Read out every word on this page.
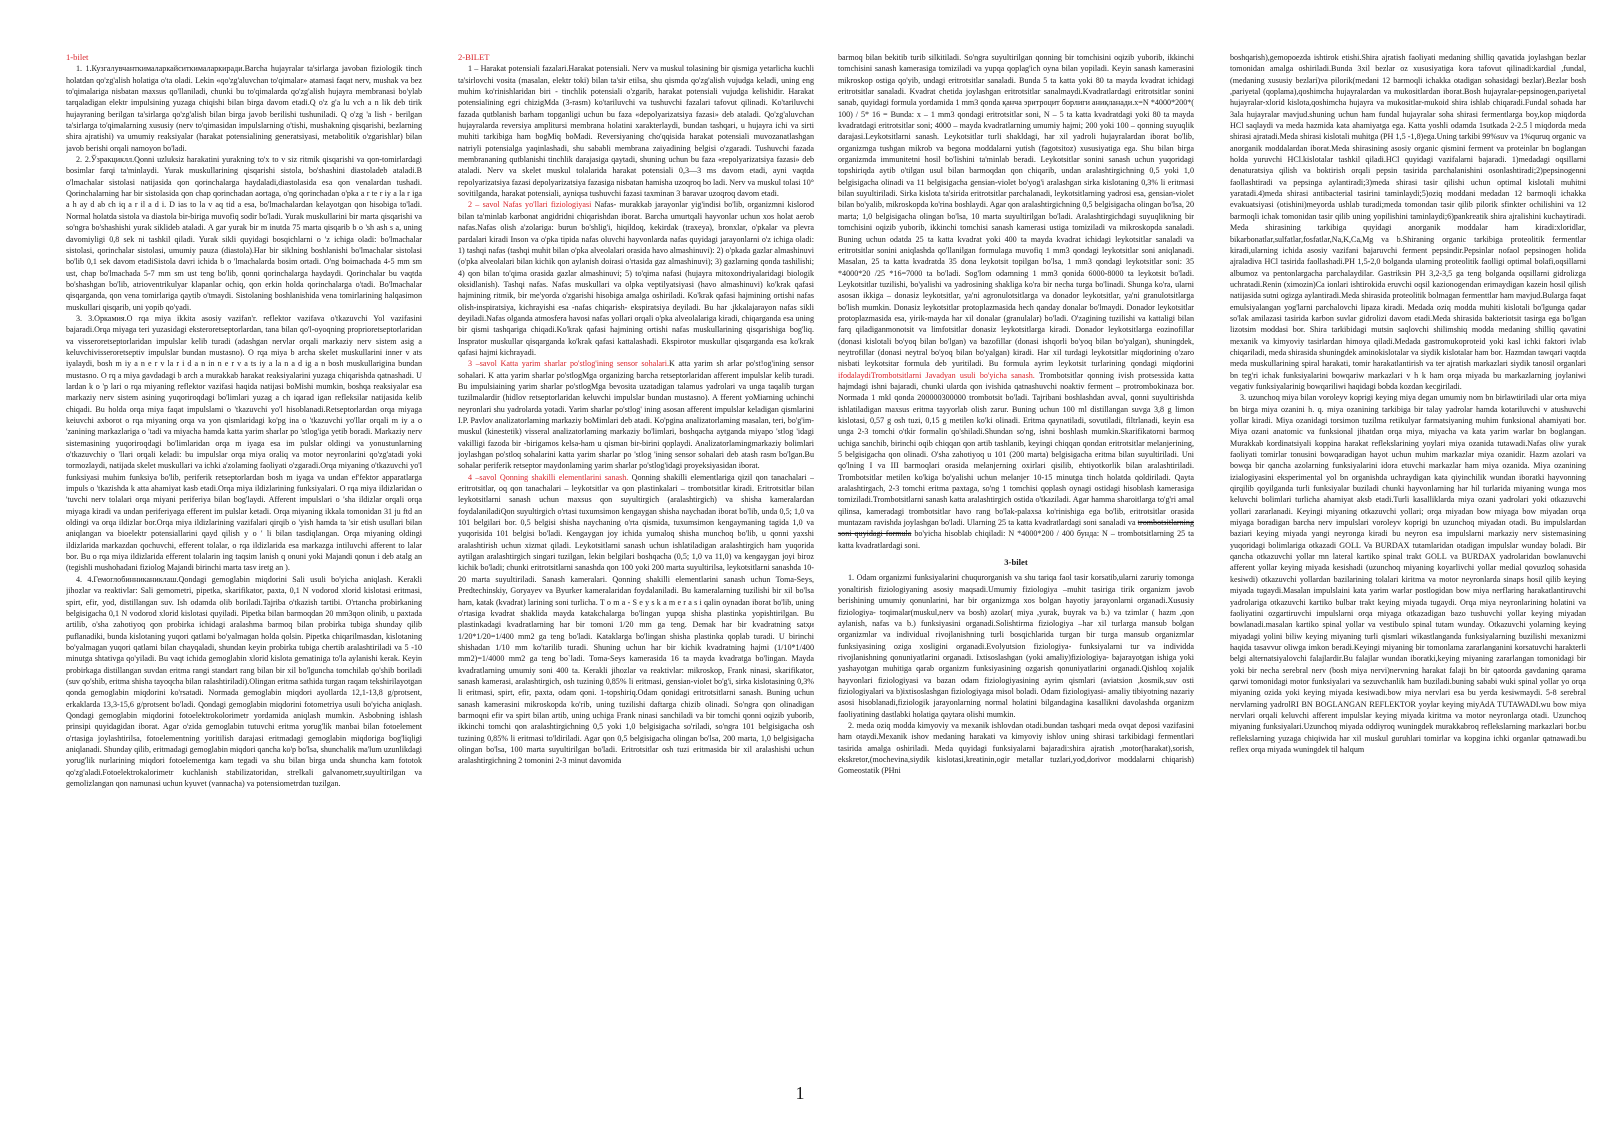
1-bilet

1. 1.Кузгалувчанткималаркайситкималаркиради.Barcha hujayralar ta'sirlarga javoban fiziologik tinch holatdan qo'zg'alish holatiga o'ta oladi. Lekin «qo'zg'aluvchan to'qimalar» atamasi faqat nerv, mushak va bez to'qimalariga nisbatan maxsus qo'llaniladi, chunki bu to'qimalarda qo'zg'alish hujayra membranasi bo'ylab tarqaladigan elektr impulsining yuzaga chiqishi bilan birga davom etadi.Q o'z g'a lu vch a n lik deb tirik hujayraning berilgan ta'sirlarga qo'zg'alish bilan birga javob berilishi tushuniladi. Q o'zg 'a lish - berilgan ta'sirlarga to'qimalarning xususiy (nerv to'qimasidan impulslarning o'tishi, mushakning qisqarishi, bezlarning shira ajratishi) va umumiy reaksiyalar (harakat potensialining generatsiyasi, metabolitik o'zgarishlar) bilan javob berishi orqali namoyon bo'ladi.

2. 2.Ўзракциклл.Qonni uzluksiz harakatini yurakning to'x to v siz ritmik qisqarishi va qon-tomirlardagi bosimlar farqi ta'minlaydi. Yurak muskullarining qisqarishi sistola, bo'shashini diastoladeb ataladi.B o'lmachalar sistolasi natijasida qon qorinchalarga haydaladi,diastolasida esa qon venalardan tushadi. Qorinchalarning har bir sistolasida qon chap qorinchadan aortaga, o'ng qorinchadan o'pka a r te r iy a la r iga a h ay d ab ch iq a r il a d i. D ias to la v aq tid a esa, bo'lmachalardan kelayotgan qon hisobiga to'ladi. Normal holatda sistola va diastola bir-biriga muvofiq sodir bo'ladi. Yurak muskullarini bir marta qisqarishi va so'ngra bo'shashishi yurak siklideb ataladi. A gar yurak bir m inutda 75 marta qisqarib b o 'sh ash s a, uning davomiyligi 0,8 sek ni tashkil qiladi. Yurak sikli quyidagi bosqichlarni o 'z ichiga oladi: bo'lmachalar sistolasi, qorinchalar sistolasi, umumiy pauza (diastola).Har bir siklning boshlanishi bo'lmachalar sistolasi bo'lib 0,1 sek davom etadiSistola davri ichida b o 'lmachalarda bosim ortadi. O'ng boimachada 4-5 mm sm ust, chap bo'lmachada 5-7 mm sm ust teng bo'lib, qonni qorinchalarga haydaydi. Qorinchalar bu vaqtda bo'shashgan bo'lib, atrioventrikulyar klapanlar ochiq, qon erkin holda qorinchalarga o'tadi. Bo'lmachalar qisqarganda, qon vena tomirlariga qaytib o'tmaydi. Sistolaning boshlanishida vena tomirlarining halqasimon muskullari qisqarib, uni yopib qo'yadi.

3. 3.Оркамия.O rqa miya ikkita asosiy vazifan'r. reflektor vazifava o'tkazuvchi Yol vazifasini bajaradi.Orqa miyaga teri yuzasidagi eksteroretseptorlardan, tana bilan qo'l-oyoqning proprioretseptorlaridan va visseroretseptorlaridan impulslar kelib turadi (adashgan nervlar orqali markaziy nerv sistem asig a keluvchivisseroretseptiv impulslar bundan mustasno). O rqa miya b archa skelet muskullarini inner v ats iyalaydi, bosh m iy a n e r v la r i d a n in n e r v a ts iy a la n a d ig a n bosh muskullarigina bundan mustasno. O rq a miya gavdadagi b arch a murakkab harakat reaksiyalarini yuzaga chiqarishda qatnashadi. U lardan k o 'p lari o rqa miyaning reflektor vazifasi haqida natijasi boMishi mumkin, boshqa reaksiyalar esa markaziy nerv sistem asining yuqoriroqdagi bo'limlari yuzag a ch iqarad igan refleksilar natijasida kelib chiqadi. Bu holda orqa miya faqat impulslami o 'tkazuvchi yo'l hisoblanadi.Retseptorlardan orqa miyaga keiuvchi axborot o rqa miyaning orqa va yon qismlaridagi ko'pg ina o 'tkazuvchi yo'llar orqali m iy a o 'zanining markazlariga o 'tadi va miyacha hamda katta yarim sharlar po 'stlog'iga yetib boradi. Markaziy nerv sistemasining yuqoriroqdagi bo'limlaridan orqa m iyaga esa im pulslar oldingi va yonustunlarning o'tkazuvchiy o 'llari orqali keladi: bu impulslar orqa miya oraliq va motor neyronlarini qo'zg'atadi yoki tormozlaydi, natijada skelet muskullari va ichki a'zolaming faoliyati o'zgaradi.Orqa miyaning o'tkazuvchi yo'l funksiyasi muhim funksiya bo'lib, periferik retseptorlardan bosh m iyaga va undan ef'fektor apparatlarga impuls o 'tkazishda k atta ahamiyat kasb etadi.Orqa miya ildizlarining funksiyalari. O rqa miya ildizlaridan o 'tuvchi nerv tolalari orqa miyani periferiya bilan bog'laydi. Afferent impulslari o 'sha ildizlar orqali orqa miyaga kiradi va undan periferiyaga efferent im pulslar ketadi. Orqa miyaning ikkala tomonidan 31 ju ftd an oldingi va orqa ildizlar bor.Orqa miya ildizlarining vazifalari qirqib o 'yish hamda ta 'sir etish usullari bilan aniqlangan va bioelektr potensiallarini qayd qilish y o ' li bilan tasdiqlangan. Orqa miyaning oldingi ildizlarida markazdan qochuvchi, efferent tolalar, o rqa ildizlarida esa markazga intiluvchi afferent to lalar bor. Bu o rqa miya ildizlarida efferent tolalarin ing taqsim lanish q onuni yoki Majandi qonun i deb atalg an (tegishli mushohadani fiziolog Majandi birinchi marta tasv iretg an ).

4. 4.Гемоглобинниканиклаш.Qondagi gemoglabin miqdorini Sali usuli bo'yicha aniqlash. Kerakli jihozlar va reaktivlar: Sali gemometri, pipetka, skarifikator, paxta, 0,1 N vodorod xlorid kislotasi eritmasi, spirt, efir, yod, distillangan suv. Ish odamda olib boriladi.Tajriba o'tkazish tartibi. O'rtancha probirkaning belgisigacha 0,1 N vodorod xlorid kislotasi quyiladi. Pipetka bilan barmoqdan 20 mm3qon olinib, u paxtada artilib, o'sha zahotiyoq qon probirka ichidagi aralashma barmoq bilan probirka tubiga shunday qilib puflanadiki, bunda kislotaning yuqori qatlami bo'yalmagan holda qolsin. Pipetka chiqarilmasdan, kislotaning bo'yalmagan yuqori qatlami bilan chayqaladi, shundan keyin probirka tubiga chertib aralashtiriladi va 5 -10 minutga shtativga qo'yiladi. Bu vaqt ichida gemoglabin xlorid kislota gematiniga to'la aylanishi kerak. Keyin probirkaga distillangan suvdan eritma rangi standart rang bilan bir xil bo'lguncha tomchilab qo'shib boriladi (suv qo'shib, eritma shisha tayoqcha bilan ralashtiriladi).Olingan eritma sathida turgan raqam tekshirilayotgan qonda gemoglabin miqdorini ko'rsatadi. Normada gemoglabin miqdori ayollarda 12,1-13,8 g/protsent, erkaklarda 13,3-15,6 g/protsent bo'ladi. Qondagi gemoglabin miqdorini fotometriya usuli bo'yicha aniqlash. Qondagi gemoglabin miqdorini fotoelektrokolorimetr yordamida aniqlash mumkin. Asbobning ishlash prinsipi quyidagidan iborat. Agar o'zida gemoglabin tutuvchi eritma yorug'lik manbai bilan fotoelement o'rtasiga joylashtirilsa, fotoelementning yoritilish darajasi eritmadagi gemoglabin miqdoriga bog'liqligi aniqlanadi. Shunday qilib, eritmadagi gemoglabin miqdori qancha ko'p bo'lsa, shunchalik ma'lum uzunlikdagi yorug'lik nurlarining miqdori fotoelementga kam tegadi va shu bilan birga unda shuncha kam fototok qo'zg'aladi.Fotoelektrokalorimetr kuchlanish stabilizatoridan, strelkali galvanometr,suyultirilgan va gemolizlangan qon namunasi uchun kyuvet (vannacha) va potensiometrdan tuzilgan.

2-BILET

1 – Harakat potensiali fazalari.Harakat potensiali. Nerv va muskul tolasining bir qismiga yetarlicha kuchli ta'sirlovchi vosita (masalan, elektr toki) bilan ta'sir etilsa, shu qismda qo'zg'alish vujudga keladi, uning eng muhim ko'rinishlaridan biri - tinchlik potensiali o'zgarib, harakat potensiali vujudga kelishidir. Harakat potensialining egri chizigMda (3-rasm) ko'tariluvchi va tushuvchi fazalari tafovut qilinadi. Ko'tariluvchi fazada qutblanish barham topganligi uchun bu faza «depolyarizatsiya fazasi» deb ataladi. Qo'zg'aluvchan hujayralarda reversiya amplitursi membrana holatini xarakterlaydi, bundan tashqari, u hujayra ichi va sirti muhiti tarkibiga ham bogMiq boMadi. Reversiyaning cho'qqisida harakat potensiali muvozanatlashgan natriyli potensialga yaqinlashadi, shu sababli membrana zaiyadining belgisi o'zgaradi. Tushuvchi fazada membrananing qutblanishi tinchlik darajasiga qaytadi, shuning uchun bu faza «repolyarizatsiya fazasi» deb ataladi. Nerv va skelet muskul tolalarida harakat potensiali 0,3—3 ms davom etadi, ayni vaqtda repolyarizatsiya fazasi depolyarizatsiya fazasiga nisbatan hamisha uzoqroq bo ladi. Nerv va muskul tolasi 10° sovitilganda, harakat potensiali, ayniqsa tushuvchi fazasi taxminan 3 baravar uzoqroq davom etadi.

2 – savol Nafas yo'llari fiziologiyasi Nafas- murakkab jarayonlar yig'indisi bo'lib, organizmni kislorod bilan ta'minlab karbonat angidridni chiqarishdan iborat. Barcha umurtqali hayvonlar uchun xos holat aerob nafas.Nafas olish a'zolariga: burun bo'shlig'i, hiqildoq, kekirdak (traxeya), bronxlar, o'pkalar va plevra pardalari kiradi Inson va o'pka tipida nafas oluvchi hayvonlarda nafas quyidagi jarayonlarni o'z ichiga oladi: 1) tashqi nafas (tashqi muhit bilan o'pka alveolalari orasida havo almashinuvi): 2) o'pkada gazlar almashinuvi (o'pka alveolalari bilan kichik qon aylanish doirasi o'rtasida gaz almashinuvi); 3) gazlarning qonda tashilishi; 4) qon bilan to'qima orasida gazlar almashinuvi; 5) to'qima nafasi (hujayra mitoxondriyalaridagi biologik oksidlanish). Tashqi nafas. Nafas muskullari va olpka veptilyatsiyasi (havo almashinuvi) ko'krak qafasi hajmining ritmik, bir me'yorda o'zgarishi hisobiga amalga oshiriladi. Ko'krak qafasi hajmining ortishi nafas olish-inspiratsiya, kichrayishi esa -nafas chiqarish- ekspiratsiya deyiladi. Bu har .jkkalajarayon nafas sikli deyiladi.Nafas olganda atmosfera havosi nafas yollari orqali o'pka alveolalariga kiradi, chiqarganda esa uning bir qismi tashqariga chiqadi.Ko'krak qafasi hajmining ortishi nafas muskullarining qisqarishiga bog'liq. Insprator muskullar qisqarganda ko'krak qafasi kattalashadi. Ekspirotor muskullar qisqarganda esa ko'krak qafasi hajmi kichrayadi.

3 –savol Katta yarim sharlar po'stlog'ining sensor sohalari.K atta yarim sh arlar po'st!og'ining sensor sohalari. K atta yarim sharlar po'stlogMga organizing barcha retseptorlaridan afferent impulslar kelib turadi. Bu impulsiaining yarim sharlar po'stlogMga bevosita uzatadigan talamus yadrolari va unga taqalib turgan tuzilmalardir (hidlov retseptorlaridan keluvchi impulslar bundan mustasno). A fferent yoMiarning uchinchi neyronlari shu yadrolarda yotadi. Yarim sharlar po'stlog' ining asosan afferent impulslar keladigan qismlarini I.P. Pavlov analizatorlaming markaziy boMimlari deb atadi. Ko'pgina analizatorlaming masalan, teri, bo'g'im-muskul (kinestetik) visseral analizatorlaming markaziy bo'limlari, boshqacha aytganda miyapo 'stlog 'idagi vakilligi fazoda bir -birigamos kelsa-ham u qisman bir-birini qoplaydi. Analizatorlamingmarkaziy bolimlari joylashgan po'stloq sohalarini katta yarim sharlar po 'stlog 'ining sensor sohalari deb atash rasm bo'lgan.Bu sohalar periferik retseptor maydonlaming yarim sharlar po'stlog'idagi proyeksiyasidan iborat.

4 –savol Qonning shakilli elementlarini sanash. Qonning shakilli elementlariga qizil qon tanachalari – eritrotsitlar, oq qon tanachalari – leykotsitlar va qon plastinkalari – trombotsitlar kiradi. Eritrotsitlar bilan leykotsitlarni sanash uchun maxsus qon suyultirgich (aralashtirgich) va shisha kameralardan foydalaniladiQon suyultirgich o'rtasi tuxumsimon kengaygan shisha naychadan iborat bo'lib, unda 0,5; 1,0 va 101 belgilari bor. 0,5 belgisi shisha naychaning o'rta qismida, tuxumsimon kengaymaning tagida 1,0 va yuqorisida 101 belgisi bo'ladi. Kengaygan joy ichida yumaloq shisha munchoq bo'lib, u qonni yaxshi aralashtirish uchun xizmat qiladi. Leykotsitlarni sanash uchun ishlatiladigan aralashtirgich ham yuqorida aytilgan aralashtirgich singari tuzilgan, lekin belgilari boshqacha (0,5; 1,0 va 11,0) va kengaygan joyi biroz kichik bo'ladi; chunki eritrotsitlarni sanashda qon 100 yoki 200 marta suyultirilsa, leykotsitlarni sanashda 10-20 marta suyultiriladi. Sanash kameralari. Qonning shakilli elementlarini sanash uchun Toma-Seys, Predtechinskiy, Goryayev va Byurker kameralaridan foydalaniladi. Bu kameralarning tuzilishi bir xil bo'lsa ham, katak (kvadrat) larining soni turlicha. T o m a - S e y s k a m e r a s i qalin oynadan iborat bo'lib, uning o'rtasiga kvadrat shaklida mayda katakchalarga bo'lingan yupqa shisha plastinka yopishtirilgan. Bu plastinkadagi kvadratlarning har bir tomoni 1/20 mm ga teng. Demak har bir kvadratning satҳи 1/20*1/20=1/400 mm2 ga teng bo'ladi. Kataklarga bo'lingan shisha plastinka qoplab turadi. U birinchi shishadan 1/10 mm ko'tarilib turadi. Shuning uchun har bir kichik kvadratning hajmi (1/10*1/400 mm2)=1/4000 mm2 ga teng bo`ladi. Toma-Seys kamerasida 16 ta mayda kvadratga bo'lingan. Mayda kvadratlarning umumiy soni 400 ta. Kerakli jihozlar va reaktivlar: mikroskop, Frank ninasi, skarifikator, sanash kamerasi, aralashtirgich, osh tuzining 0,85% li eritmasi, gensian-violet bo'g'i, sirka kislotasining 0,3% li eritmasi, spirt, efir, paxta, odam qoni. 1-topshiriq.Odam qonidagi eritrotsitlarni sanash. Buning uchun sanash kamerasini mikroskopda ko'rib, uning tuzilishi daftarga chizib olinadi. So'ngra qon olinadigan barmoqni efir va spirt bilan artib, uning uchiga Frank ninasi sanchiladi va bir tomchi qonni oqizib yuborib, ikkinchi tomchi qon aralashtirgichning 0,5 yoki 1,0 belgisigacha so'riladi, so'ngra 101 belgisigacha osh tuzining 0,85% li eritmasi to'ldiriladi. Agar qon 0,5 belgisigacha olingan bo'lsa, 200 marta, 1,0 belgisigacha olingan bo'lsa, 100 marta suyultirilgan bo'ladi. Eritrotsitlar osh tuzi eritmasida bir xil aralashishi uchun aralashtirgichning 2 tomonini 2-3 minut davomida

barmoq bilan bekitib turib silkitiladi. So'ngra suyultirilgan qonning bir tomchisini oqizib yuborib, ikkinchi tomchisini sanash kamerasiga tomiziladi va yupqa qoplag'ich oyna bilan yopiladi. Keyin sanash kamerasini mikroskop ostiga qo'yib, undagi eritrotsitlar sanaladi. Bunda 5 ta katta yoki 80 ta mayda kvadrat ichidagi eritrotsitlar sanaladi. Kvadrat chetida joylashgan eritrotsitlar sanalmaydi.Kvadratlardagi eritrotsitlar sonini sanab, quyidagi formula yordamida 1 mm3 qonda қанча эритроцит борлиги аниқланади.x=N *4000*200*( 100) / 5* 16 = Bunda: x – 1 mm3 qondagi eritrotsitlar soni, N – 5 ta katta kvadratdagi yoki 80 ta mayda kvadratdagi eritrotsitlar soni; 4000 – mayda kvadratlarning umumiy hajmi; 200 yoki 100 – qonning suyuqlik darajasi.Leykotsitlarni sanash. Leykotsitlar turli shakldagi, har xil yadroli hujayralardan iborat bo'lib, organizmga tushgan mikrob va begona moddalarni yutish (fagotsitoz) xususiyatiga ega. Shu bilan birga organizmda immunitetni hosil bo'lishini ta'minlab beradi. Leykotsitlar sonini sanash uchun yuqoridagi topshiriqda aytib o'tilgan usul bilan barmoqdan qon chiqarib, undan aralashtirgichning 0,5 yoki 1,0 belgisigacha olinadi va 11 belgisigacha gensian-violet bo'yog'i aralashgan sirka kislotaning 0,3% li eritmasi bilan suyultiriladi. Sirka kislota ta'sirida eritrotsitlar parchalanadi, leykotsitlarning yadrosi esa, gensian-violet bilan bo'yalib, mikroskopda ko'rina boshlaydi. Agar qon aralashtirgichning 0,5 belgisigacha olingan bo'lsa, 20 marta; 1,0 belgisigacha olingan bo'lsa, 10 marta suyultirilgan bo'ladi. Aralashtirgichdagi suyuqlikning bir tomchisini oqizib yuborib, ikkinchi tomchisi sanash kamerasi ustiga tomiziladi va mikroskopda sanaladi. Buning uchun odatda 25 ta katta kvadrat yoki 400 ta mayda kvadrat ichidagi leykotsitlar sanaladi va eritrotsitlar sonini aniqlashda qo'llanilgan formulaga muvofiq 1 mm3 qondagi leykotsitlar soni aniqlanadi. Masalan, 25 ta katta kvadratda 35 dona leykotsit topilgan bo'lsa, 1 mm3 qondagi leykotsitlar soni: 35 *4000*20 /25 *16=7000 ta bo'ladi. Sog'lom odamning 1 mm3 qonida 6000-8000 ta leykotsit bo'ladi. Leykotsitlar tuzilishi, bo'yalishi va yadrosining shakliga ko'ra bir necha turga bo'linadi. Shunga ko'ra, ularni asosan ikkiga – donasiz leykotsitlar, ya'ni agronulotsitlarga va donador leykotsitlar, ya'ni granulotsitlarga bo'lish mumkin. Donasiz leykotsitlar protoplazmasida hech qanday donalar bo'lmaydi. Donador leykotsitlar protoplazmasida esa, yirik-mayda har xil donalar (granulalar) bo'ladi. O'zagining tuzilishi va kattaligi bilan farq qiladiganmonotsit va limfotsitlar donasiz leykotsitlarga kiradi. Donador leykotsitlarga eozinofillar (donasi kislotali bo'yoq bilan bo'lgan) va bazofillar (donasi ishqorli bo'yoq bilan bo'yalgan), shuningdek, neytrofillar (donasi neytral bo'yoq bilan bo'yalgan) kiradi. Har xil turdagi leykotsitlar miqdorining o'zaro nisbati leykotsitar formula deb yuritiladi. Bu formula ayrim leykotsit turlarining qondagi miqdorini ifodalaydiTrombotsitlarni Javadyan usuli bo'yicha sanash. Trombotsitlar qonning ivish protsessida katta hajmdagi ishni bajaradi, chunki ularda qon ivishida qatnashuvchi noaktiv ferment – protrombokinaza bor. Normada 1 mkl qonda 200000300000 trombotsit bo'ladi. Tajribani boshlashdan avval, qonni suyultirishda ishlatiladigan maxsus eritma tayyorlab olish zarur. Buning uchun 100 ml distillangan suvga 3,8 g limon kislotasi, 0,57 g osh tuzi, 0,15 g metilen ko'ki olinadi. Eritma qaynatiladi, sovutiladi, filtrlanadi, keyin esa unga 2-3 tomchi o'tkir formalin qo'shiladi.Shundan so'ng, ishni boshlash mumkin.Skarifikatorni barmoq uchiga sanchib, birinchi oqib chiqqan qon artib tashlanib, keyingi chiqqan qondan eritrotsitlar melanjerining, 5 belgisigacha qon olinadi. O'sha zahotiyoq u 101 (200 marta) belgisigacha eritma bilan suyultiriladi. Uni qo'lning I va III barmoqlari orasida melanjerning oxirlari qisilib, ehtiyotkorlik bilan aralashtiriladi. Trombotsitlar metilen ko'kiga bo'yalishi uchun melanjer 10-15 minutga tinch holatda qoldiriladi. Qayta aralashtirgach, 2-3 tomchi eritma paxtaga, so'ng 1 tomchisi qoplash oynagi ostidagi hisoblash kamerasiga tomiziladi.Trombotsitlarni sanash katta aralashtirgich ostida o'tkaziladi. Agar hamma sharoitlarga to'g'ri amal qilinsa, kameradagi trombotsitlar havo rang bo'lak-palaxsa ko'rinishiga ega bo'lib, eritrotsitlar orasida muntazam ravishda joylashgan bo'ladi. Ularning 25 ta katta kvadratlardagi soni sanaladi va trombotsitlarning soni quyidagi formula bo'yicha hisoblab chiqiladi: N *4000*200 / 400 бунда: N – trombotsitlarning 25 ta katta kvadratlardagi soni.

3-bilet

1. Odam organizmi funksiyalarini chuqurorganish va shu tariqa faol tasir korsatib,ularni zaruriy tomonga yonaltirish fiziologiyaning asosiy maqsadi.Umumiy fiziologiya –muhit tasiriga tirik organizm javob berishining umumiy qonunlarini, har bir organizmga xos bolgan hayotiy jarayonlarni organadi.Xususiy fiziologiya- toqimalar(muskul,nerv va bosh) azolar( miya ,yurak, buyrak va b.) va tzimlar ( hazm ,qon aylanish, nafas va b.) funksiyasini organadi.Solishtirma fiziologiya –har xil turlarga mansub bolgan organizmlar va individual rivojlanishning turli bosqichlarida turgan bir turga mansub organizmlar funksiyasining oziga xosligini organadi.Evolyutsion fiziologiya- funksiyalarni tur va individda rivojlanishning qonuniyatlarini organadi. Ixtisoslashgan (yoki amaliy)fiziologiya- bajarayotgan ishiga yoki yashayotgan muhitiga qarab organizm funksiyasining ozgarish qonuniyatlarini organadi.Qishloq xojalik hayvonlari fiziologiyasi va bazan odam fiziologiyasining ayrim qismlari (aviatsion ,kosmik,suv osti fiziologiyalari va b)ixtisoslashgan fiziologiyaga misol boladi. Odam fiziologiyasi- amaliy tibiyotning nazariy asosi hisoblanadi,fiziologik jarayonlarning normal holatini bilgandagina kasallikni davolashda organizm faoliyatining dastlabki holatiga qaytara olishi mumkin.

2. meda oziq modda kimyoviy va mexanik ishlovdan otadi.bundan tashqari meda ovqat deposi vazifasini ham otaydi.Mexanik ishov medaning harakati va kimyoviy ishlov uning shirasi tarkibidagi fermentlari tasirida amalga oshiriladi. Meda quyidagi funksiyalarni bajaradi:shira ajratish ,motor(harakat),sorish, ekskretor,(mochevina,siydik kislotasi,kreatinin,ogir metallar tuzlari,yod,dorivor moddalarni chiqarish) Gomeostatik (PHni

boshqarish),gemopoezda ishtirok etishi.Shira ajratish faoliyati medaning shilliq qavatida joylashgan bezlar tomonidan amalga oshiriladi.Bunda 3xil bezlar oz xususiyatiga kora tafovut qilinadi:kardial ,fundal,(medaning xususiy bezlari)va pilorik(medani 12 barmoqli ichakka otadigan sohasidagi bezlar).Bezlar bosh ,pariyetal (qoplama),qoshimcha hujayralardan va mukositlardan iborat.Bosh hujayralar-pepsinogen,pariyetal hujayralar-xlorid kislota,qoshimcha hujayra va mukositlar-mukoid shira ishlab chiqaradi.Fundal sohada har 3ala hujayralar mavjud.shuning uchun ham fundal hujayralar soha shirasi fermentlarga boy,kop miqdorda HCl saqlaydi va meda hazmida kata ahamiyatga ega. Katta yoshli odamda 1sutkada 2-2.5 l miqdorda meda shirasi ajratadi.Meda shirasi kislotali muhitga (PH 1,5 -1,8)ega.Uning tarkibi 99%suv va 1%quruq organic va anorganik moddalardan iborat.Meda shirasining asosiy organic qismini ferment va proteinlar bn boglangan holda yuruvchi HCl.kislotalar tashkil qiladi.HCl quyidagi vazifalarni bajaradi. 1)medadagi oqsillarni denaturatsiya qilish va boktirish orqali pepsin tasirida parchalanishini osonlashtiradi;2)pepsinogenni faollashtiradi va pepsinga aylantiradi;3)meda shirasi tasir qilishi uchun optimal kislotali muhitni yaratadi.4)meda shirasi antibacterial tasirini taminlaydi;5)oziq moddani medadan 12 barmoqli ichakka evakuatsiyasi (otishini)meyorda ushlab turadi;meda tomondan tasir qilib pilorik sfinkter ochilishini va 12 barmoqli ichak tomonidan tasir qilib uning yopilishini taminlaydi;6)pankreatik shira ajralishini kuchaytiradi. Meda shirasining tarkibiga quyidagi anorganik moddalar ham kiradi:xloridlar, bikarbonatlar,sulfatlar,fosfatlar,Na,K,Ca,Mg va b.Shiraning organic tarkibiga proteolitik fermentlar kiradi,ularning ichida asosiy vazifani bajaruvchi ferment pepsindir.Pepsinlar nofaol pepsinogen holida ajraladiva HCl tasirida faollashadi.PH 1,5-2,0 bolganda ularning proteolitik faolligi optimal bolafi,oqsillarni albumoz va pentonlargacha parchalaydilar. Gastriksin PH 3,2-3,5 ga teng bolganda oqsillarni gidrolizga uchratadi.Renin (ximozin)Ca ionlari ishtirokida eruvchi oqsil kazionogendan erimaydigan kazein hosil qilish natijasida sutni ogizga aylantiradi.Meda shirasida proteolitik bolmagan fermenttlar ham mavjud.Bularga faqat emulsiyalangan yog'larni parchalovchi lipaza kiradi. Medada oziq modda muhiti kislotali bo'lgunga qadar so'lak amilazasi tasirida karbon suvlar gidrolizi davom etadi.Meda shirasida bakteriotsit tasirga ega bo'lgan lizotsim moddasi bor. Shira tarkibidagi mutsin saqlovchi shilimshiq modda medaning shilliq qavatini mexanik va kimyoviy tasirlardan himoya qiladi.Medada gastromukoproteid yoki kasl ichki faktori ivlab chiqariladi, meda shirasida shuningdek aminokislotalar va siydik kislotalar ham bor. Hazmdan tawqari vaqtda meda muskullarining spiral harakati, tomir harakatlantirish va ter ajratish markazlari siydik tanosil organlari bn teg'ri ichak funksiyalarini bowqariw markazlari v h k ham orqa miyada bu markazlarning joylaniwi vegativ funksiyalarinig bowqariliwi haqidagi bobda kozdan kecgiriladi.

3. uzunchoq miya bilan voroleyv koprigi keying miya degan umumiy nom bn birlawtiriladi ular orta miya bn birga miya ozanini h. q. miya ozanining tarkibiga bir talay yadrolar hamda kotariluvchi v atushuvchi yollar kiradi. Miya ozanidagi torsimon tuzilma retikulyar farmatsiyaning muhim funksional ahamiyati bor. Miya ozani anatomic va funksional jihatdan orqa miya, miyacha va kata yarim warlar bn boglangan. Murakkab kordinatsiyali koppina harakat reflekslarining yoylari miya ozanida tutawadi.Nafas oliw yurak faoliyati tomirlar tonusini bowqaradigan hayot uchun muhim markazlar miya ozanidir. Hazm azolari va bowqa bir qancha azolarning funksiyalarini idora etuvchi markazlar ham miya ozanida. Miya ozanining izialogiyasini eksperimental yol bn organishda uchraydigan kata qiyinchilik wundan iboratki hayvonning qirqilib qoyilganda turli funksiyalar buziladi chunki hayvonlarning har hil turlarida miyaning wunga mos keluvchi bolimlari turlicha ahamiyat aksb etadi.Turli kasalliklarda miya ozani yadrolari yoki otkazuvchi yollari zararlanadi. Keyingi miyaning otkazuvchi yollari; orqa miyadan bow miyaga bow miyadan orqa miyaga boradigan barcha nerv impulslari voroleyv koprigi bn uzunchoq miyadan otadi. Bu impulslardan baziari keying miyada yangi neyronga kiradi bu neyron esa impulslarni markaziy nerv sistemasining yuqoridagi bolimlariga otkazadi GOLL Va BURDAX tutamlaridan otadigan impulslar wunday boladi. Bir qancha otkazuvchi yollar mn lateral kartiko spinal trakt GOLL va BURDAX yadrolaridan bowlanuvchi afferent yollar keying miyada kesishadi (uzunchoq miyaning koyarlivchi yollar medial qovuzloq sohasida kesiwdi) otkazuvchi yollardan bazilarining tolalari kiritma va motor neyronlarda sinaps hosil qilib keying miyada tugaydi.Masalan impulslaini kata yarim warlar postlogidan bow miya nerflaring harakatlantiruvchi yadrolariga otkazuvchi kartiko bulbar trakt keying miyada tugaydi. Orqa miya neyronlarining holatini va faoliyatini ozgartiruvchi impulslarni orqa miyaga otkazadigan bazo tushuvchi yollar keying miyadan bowlanadi.masalan kartiko spinal yollar va vestibulo spinal tutam wunday. Otkazuvchi yolarning keying miyadagi yolini biliw keying miyaning turli qismlari wikastlanganda funksiyalarning buzilishi mexanizmi haqida tasavvur oliwga imkon beradi.Keyingi miyaning bir tomonlama zararlanganini korsatuvchi harakterli belgi alternatsiyalovchi falajlardir.Bu falajlar wundan iboratki,keying miyaning zararlangan tomonidagi bir yoki bir necha serebral nerv (bosh miya nervi)nervning harakat falaji bn bir qatoorda gavdaning qarama qarwi tomonidagi motor funksiyalari va sezuvchanlik ham buziladi.buning sababi wuki spinal yollar yo orqa miyaning ozida yoki keying miyada kesiwadi.bow miya nervlari esa bu yerda kesiwmaydi. 5-8 serebral nervlarning yadrolRI BN BOGLANGAN REFLEKTOR yoylar keying miyAdA TUTAWADI.wu bow miya nervlari orqali keluvchi afferent impulslar keying miyada kiritma va motor neyronlarga otadi. Uzunchoq miyaning funksiyalari.Uzunchoq miyada oddiyroq wuningdek murakkabroq reflekslarning markazlari bor.bu reflekslarning yuzaga chiqiwida har xil muskul guruhlari tomirlar va kopgina ichki organlar qatnawadi.bu reflex orqa miyada wuningdek til halqum

1
